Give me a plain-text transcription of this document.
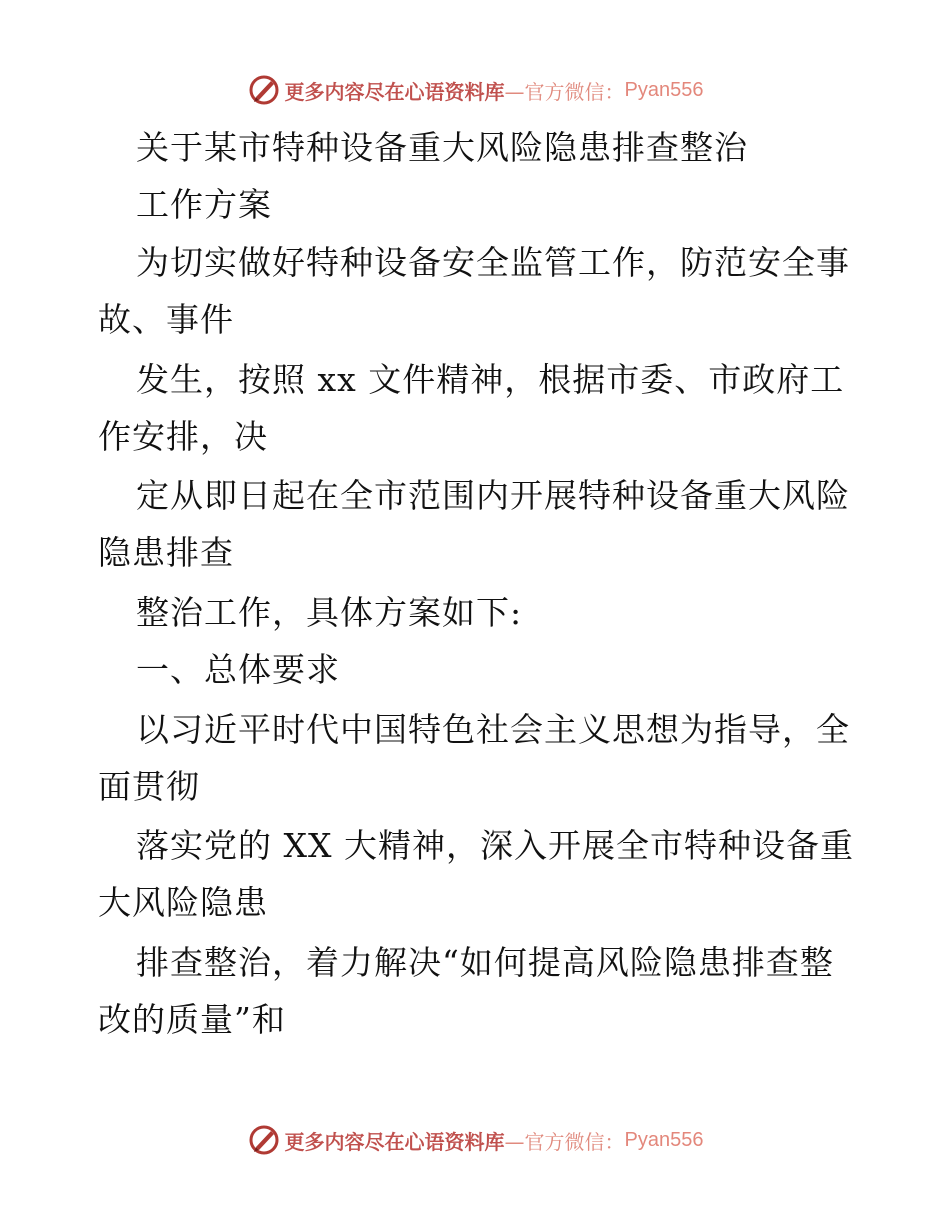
更多内容尽在心语资料库 —官方微信： Pyan556
关于某市特种设备重大风险隐患排查整治
工作方案
为切实做好特种设备安全监管工作，防范安全事
故、事件
发生，按照 xx 文件精神，根据市委、市政府工
作安排，决
定从即日起在全市范围内开展特种设备重大风险
隐患排查
整治工作，具体方案如下:
一、总体要求
以习近平时代中国特色社会主义思想为指导，全
面贯彻
落实党的 XX 大精神，深入开展全市特种设备重
大风险隐患
排查整治，着力解决“如何提高风险隐患排查整
改的质量”和
更多内容尽在心语资料库 —官方微信： Pyan556
